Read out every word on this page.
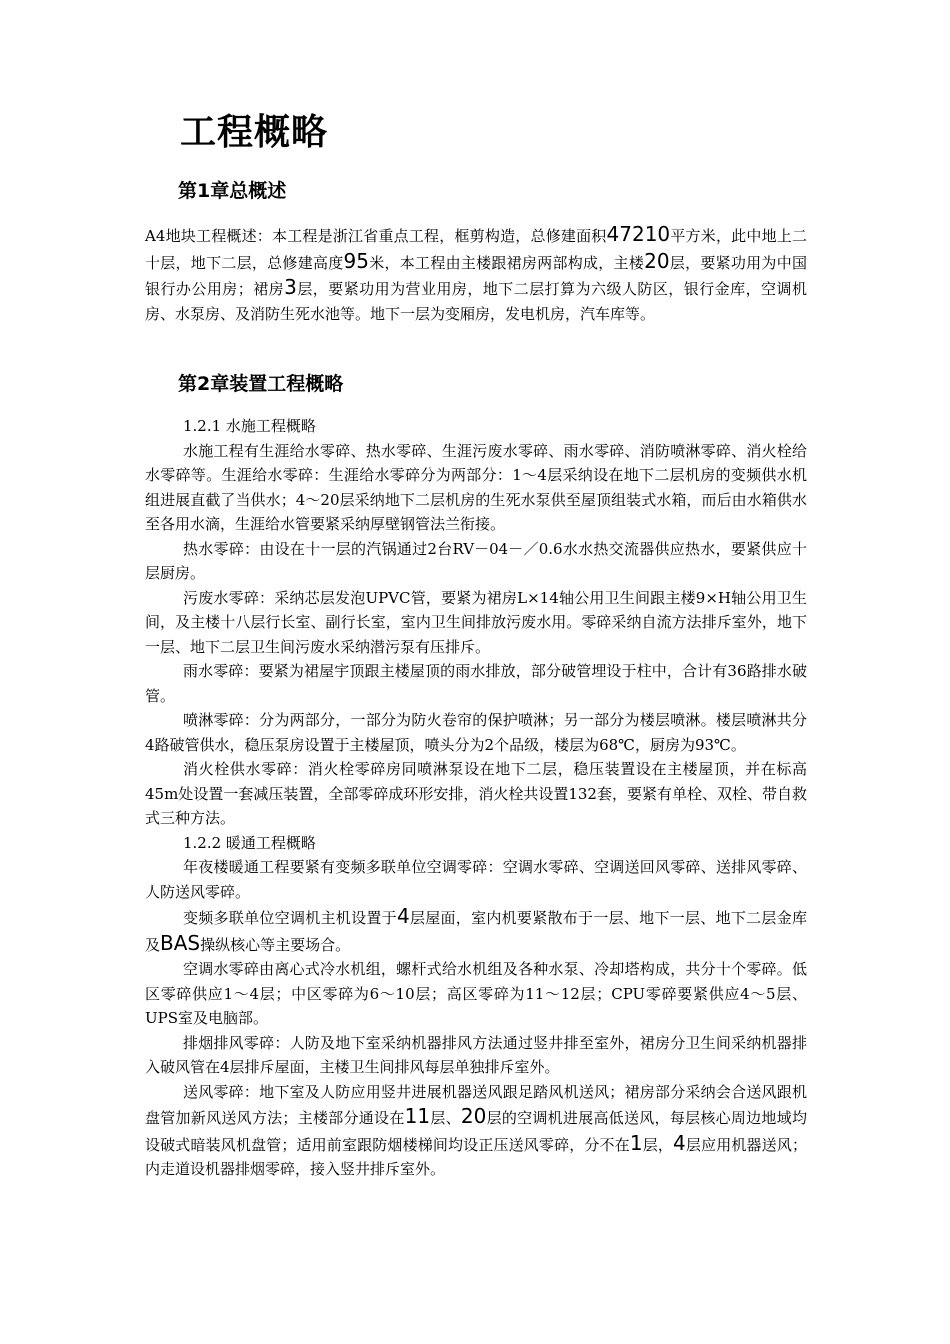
工程概略
第1章总概述

A4地块工程概述：本工程是浙江省重点工程，框剪构造，总修建面积47210平方米，此中地上二十层，地下二层，总修建高度95米，本工程由主楼跟裙房两部构成，主楼20层，要紧功用为中国银行办公用房；裙房3层，要紧功用为营业用房，地下二层打算为六级人防区，银行金库，空调机房、水泵房、及消防生死水池等。地下一层为变厢房，发电机房，汽车库等。

第2章装置工程概略

1.2.1 水施工程概略

水施工程有生涯给水零碎、热水零碎、生涯污废水零碎、雨水零碎、消防喷淋零碎、消火栓给水零碎等。生涯给水零碎：生涯给水零碎分为两部分：1～4层采纳设在地下二层机房的变频供水机组进展直截了当供水；4～20层采纳地下二层机房的生死水泵供至屋顶组装式水箱，而后由水箱供水至各用水滴，生涯给水管要紧采纳厚壁钢管法兰衔接。

热水零碎：由设在十一层的汽锅通过2台RV－04－／0.6水水热交流器供应热水，要紧供应十层厨房。

污废水零碎：采纳芯层发泡UPVC管，要紧为裙房L×14轴公用卫生间跟主楼9×H轴公用卫生间，及主楼十八层行长室、副行长室，室内卫生间排放污废水用。零碎采纳自流方法排斥室外，地下一层、地下二层卫生间污废水采纳潜污泵有压排斥。

雨水零碎：要紧为裙屋宇顶跟主楼屋顶的雨水排放，部分破管埋设于柱中，合计有36路排水破管。

喷淋零碎：分为两部分，一部分为防火卷帘的保护喷淋；另一部分为楼层喷淋。楼层喷淋共分4路破管供水，稳压泵房设置于主楼屋顶，喷头分为2个品级，楼层为68℃，厨房为93℃。

消火栓供水零碎：消火栓零碎房同喷淋泵设在地下二层，稳压装置设在主楼屋顶，并在标高45m处设置一套减压装置，全部零碎成环形安排，消火栓共设置132套，要紧有单栓、双栓、带自救式三种方法。

1.2.2 暖通工程概略

年夜楼暖通工程要紧有变频多联单位空调零碎：空调水零碎、空调送回风零碎、送排风零碎、人防送风零碎。

变频多联单位空调机主机设置于4层屋面，室内机要紧散布于一层、地下一层、地下二层金库及BAS操纵核心等主要场合。

空调水零碎由离心式冷水机组，螺杆式给水机组及各种水泵、冷却塔构成，共分十个零碎。低区零碎供应1～4层；中区零碎为6～10层；高区零碎为11～12层；CPU零碎要紧供应4～5层、UPS室及电脑部。

排烟排风零碎：人防及地下室采纳机器排风方法通过竖井排至室外，裙房分卫生间采纳机器排入破风管在4层排斥屋面，主楼卫生间排风每层单独排斥室外。

送风零碎：地下室及人防应用竖井进展机器送风跟足踏风机送风；裙房部分采纳会合送风跟机盘管加新风送风方法；主楼部分通设在11层、20层的空调机进展高低送风，每层核心周边地域均设破式暗装风机盘管；适用前室跟防烟楼梯间均设正压送风零碎，分不在1层，4层应用机器送风；内走道设机器排烟零碎，接入竖井排斥室外。
